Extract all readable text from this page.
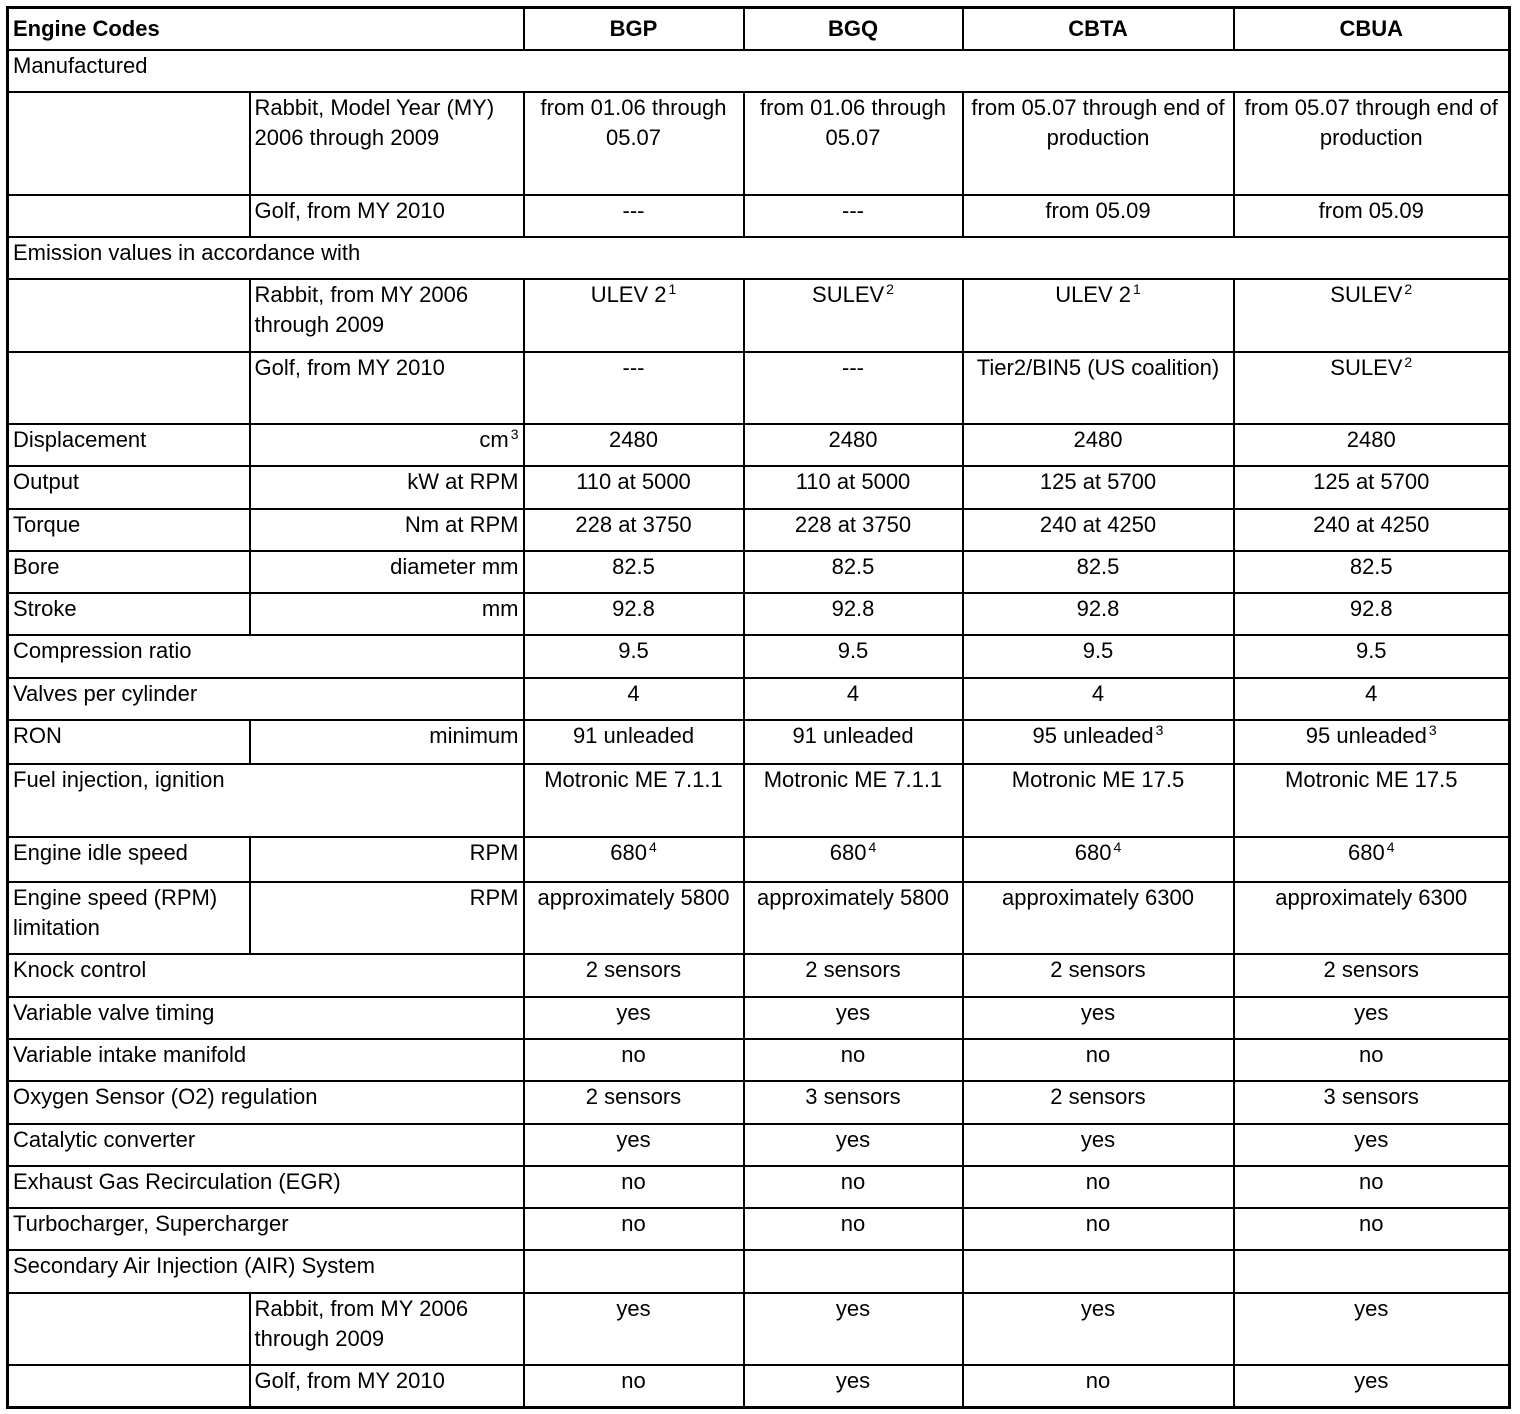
Engine Codes		BGP	BGQ	CBTA	CBUA
Manufactured					
	Rabbit, Model Year (MY) 2006 through 2009	from 01.06 through 05.07	from 01.06 through 05.07	from 05.07 through end of production	from 05.07 through end of production
	Golf, from MY 2010	---	---	from 05.09	from 05.09
Emission values in accordance with					
	Rabbit, from MY 2006 through 2009	ULEV 2 $^1$	SULEV $^2$	ULEV 2 $^1$	SULEV $^2$
	Golf, from MY 2010	---	---	Tier2/BIN5 (US coalition)	SULEV $^2$
Displacement	cm $^3$	2480	2480	2480	2480
Output	kW at RPM	110 at 5000	110 at 5000	125 at 5700	125 at 5700
Torque	Nm at RPM	228 at 3750	228 at 3750	240 at 4250	240 at 4250
Bore	diameter mm	82.5	82.5	82.5	82.5
Stroke	mm	92.8	92.8	92.8	92.8
Compression ratio		9.5	9.5	9.5	9.5
Valves per cylinder		4	4	4	4
RON	minimum	91 unleaded	91 unleaded	95 unleaded $^3$	95 unleaded $^3$
Fuel injection, ignition		Motronic ME 7.1.1	Motronic ME 7.1.1	Motronic ME 17.5	Motronic ME 17.5
Engine idle speed	RPM	680 $^4$	680 $^4$	680 $^4$	680 $^4$
Engine speed (RPM) limitation	RPM	approximately 5800	approximately 5800	approximately 6300	approximately 6300
Knock control		2 sensors	2 sensors	2 sensors	2 sensors
Variable valve timing		yes	yes	yes	yes
Variable intake manifold		no	no	no	no
Oxygen Sensor (O2) regulation		2 sensors	3 sensors	2 sensors	3 sensors
Catalytic converter		yes	yes	yes	yes
Exhaust Gas Recirculation (EGR)		no	no	no	no
Turbocharger, Supercharger		no	no	no	no
Secondary Air Injection (AIR) System					
	Rabbit, from MY 2006 through 2009	yes	yes	yes	yes
	Golf, from MY 2010	no	yes	no	yes
